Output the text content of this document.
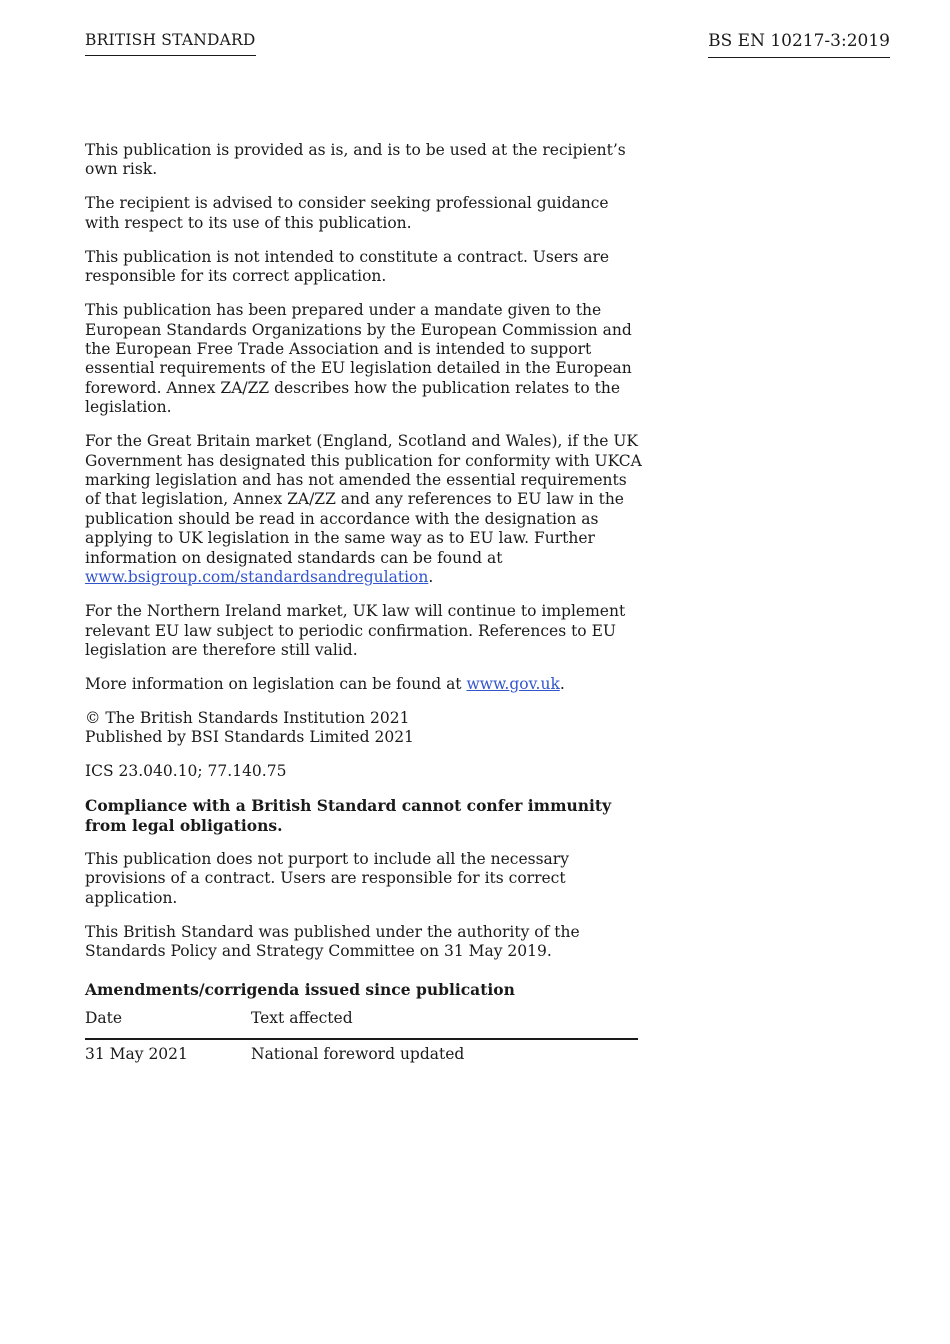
BRITISH STANDARD	BS EN 10217-3:2019

This publication is provided as is, and is to be used at the recipient’s own risk.

The recipient is advised to consider seeking professional guidance with respect to its use of this publication.

This publication is not intended to constitute a contract. Users are responsible for its correct application.

This publication has been prepared under a mandate given to the European Standards Organizations by the European Commission and the European Free Trade Association and is intended to support essential requirements of the EU legislation detailed in the European foreword. Annex ZA/ZZ describes how the publication relates to the legislation.

For the Great Britain market (England, Scotland and Wales), if the UK Government has designated this publication for conformity with UKCA marking legislation and has not amended the essential requirements of that legislation, Annex ZA/ZZ and any references to EU law in the publication should be read in accordance with the designation as applying to UK legislation in the same way as to EU law. Further information on designated standards can be found at www.bsigroup.com/standardsandregulation.

For the Northern Ireland market, UK law will continue to implement relevant EU law subject to periodic confirmation. References to EU legislation are therefore still valid.

More information on legislation can be found at www.gov.uk.

© The British Standards Institution 2021
Published by BSI Standards Limited 2021

ICS 23.040.10; 77.140.75

Compliance with a British Standard cannot confer immunity from legal obligations.

This publication does not purport to include all the necessary provisions of a contract. Users are responsible for its correct application.

This British Standard was published under the authority of the Standards Policy and Strategy Committee on 31 May 2019.

Amendments/corrigenda issued since publication
Date	Text affected
31 May 2021	National foreword updated
